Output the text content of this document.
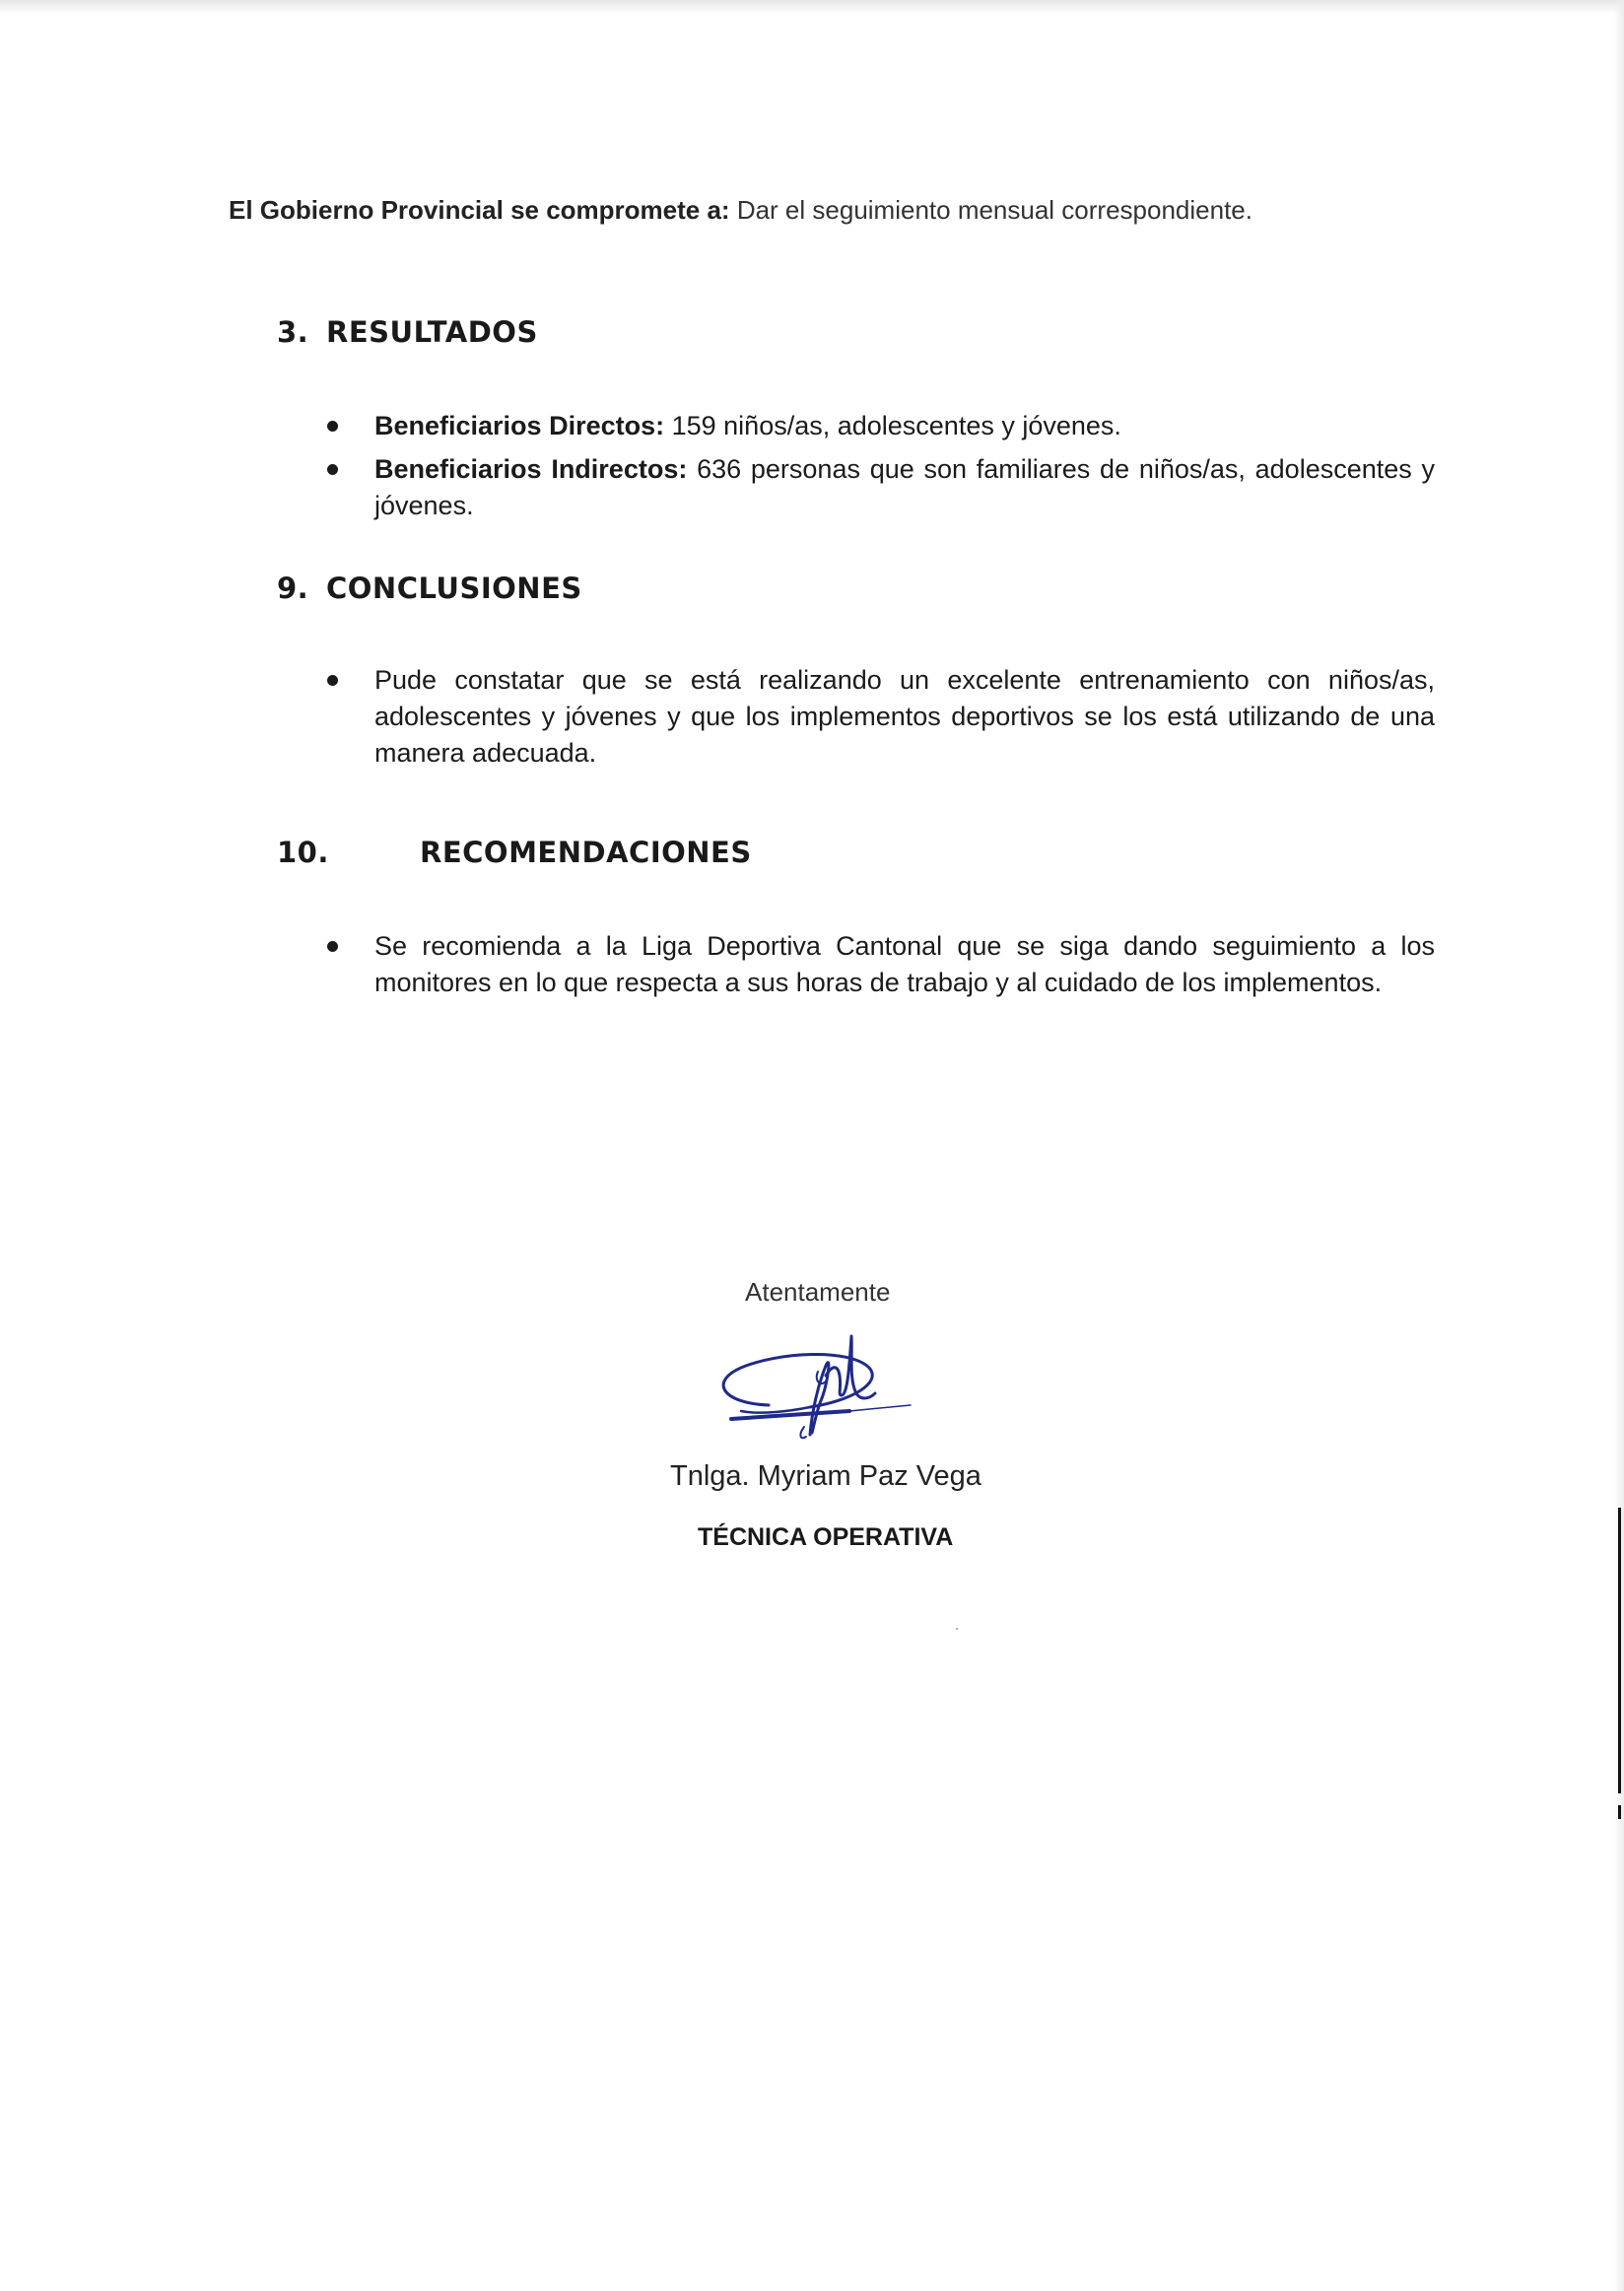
El Gobierno Provincial se compromete a: Dar el seguimiento mensual correspondiente.
3. RESULTADOS
Beneficiarios Directos: 159 niños/as, adolescentes y jóvenes.
Beneficiarios Indirectos: 636 personas que son familiares de niños/as, adolescentes y jóvenes.
9. CONCLUSIONES
Pude constatar que se está realizando un excelente entrenamiento con niños/as, adolescentes y jóvenes y que los implementos deportivos se los está utilizando de una manera adecuada.
10.	RECOMENDACIONES
Se recomienda a la Liga Deportiva Cantonal que se siga dando seguimiento a los monitores en lo que respecta a sus horas de trabajo y al cuidado de los implementos.
Atentamente
Tnlga. Myriam Paz Vega
TÉCNICA OPERATIVA
